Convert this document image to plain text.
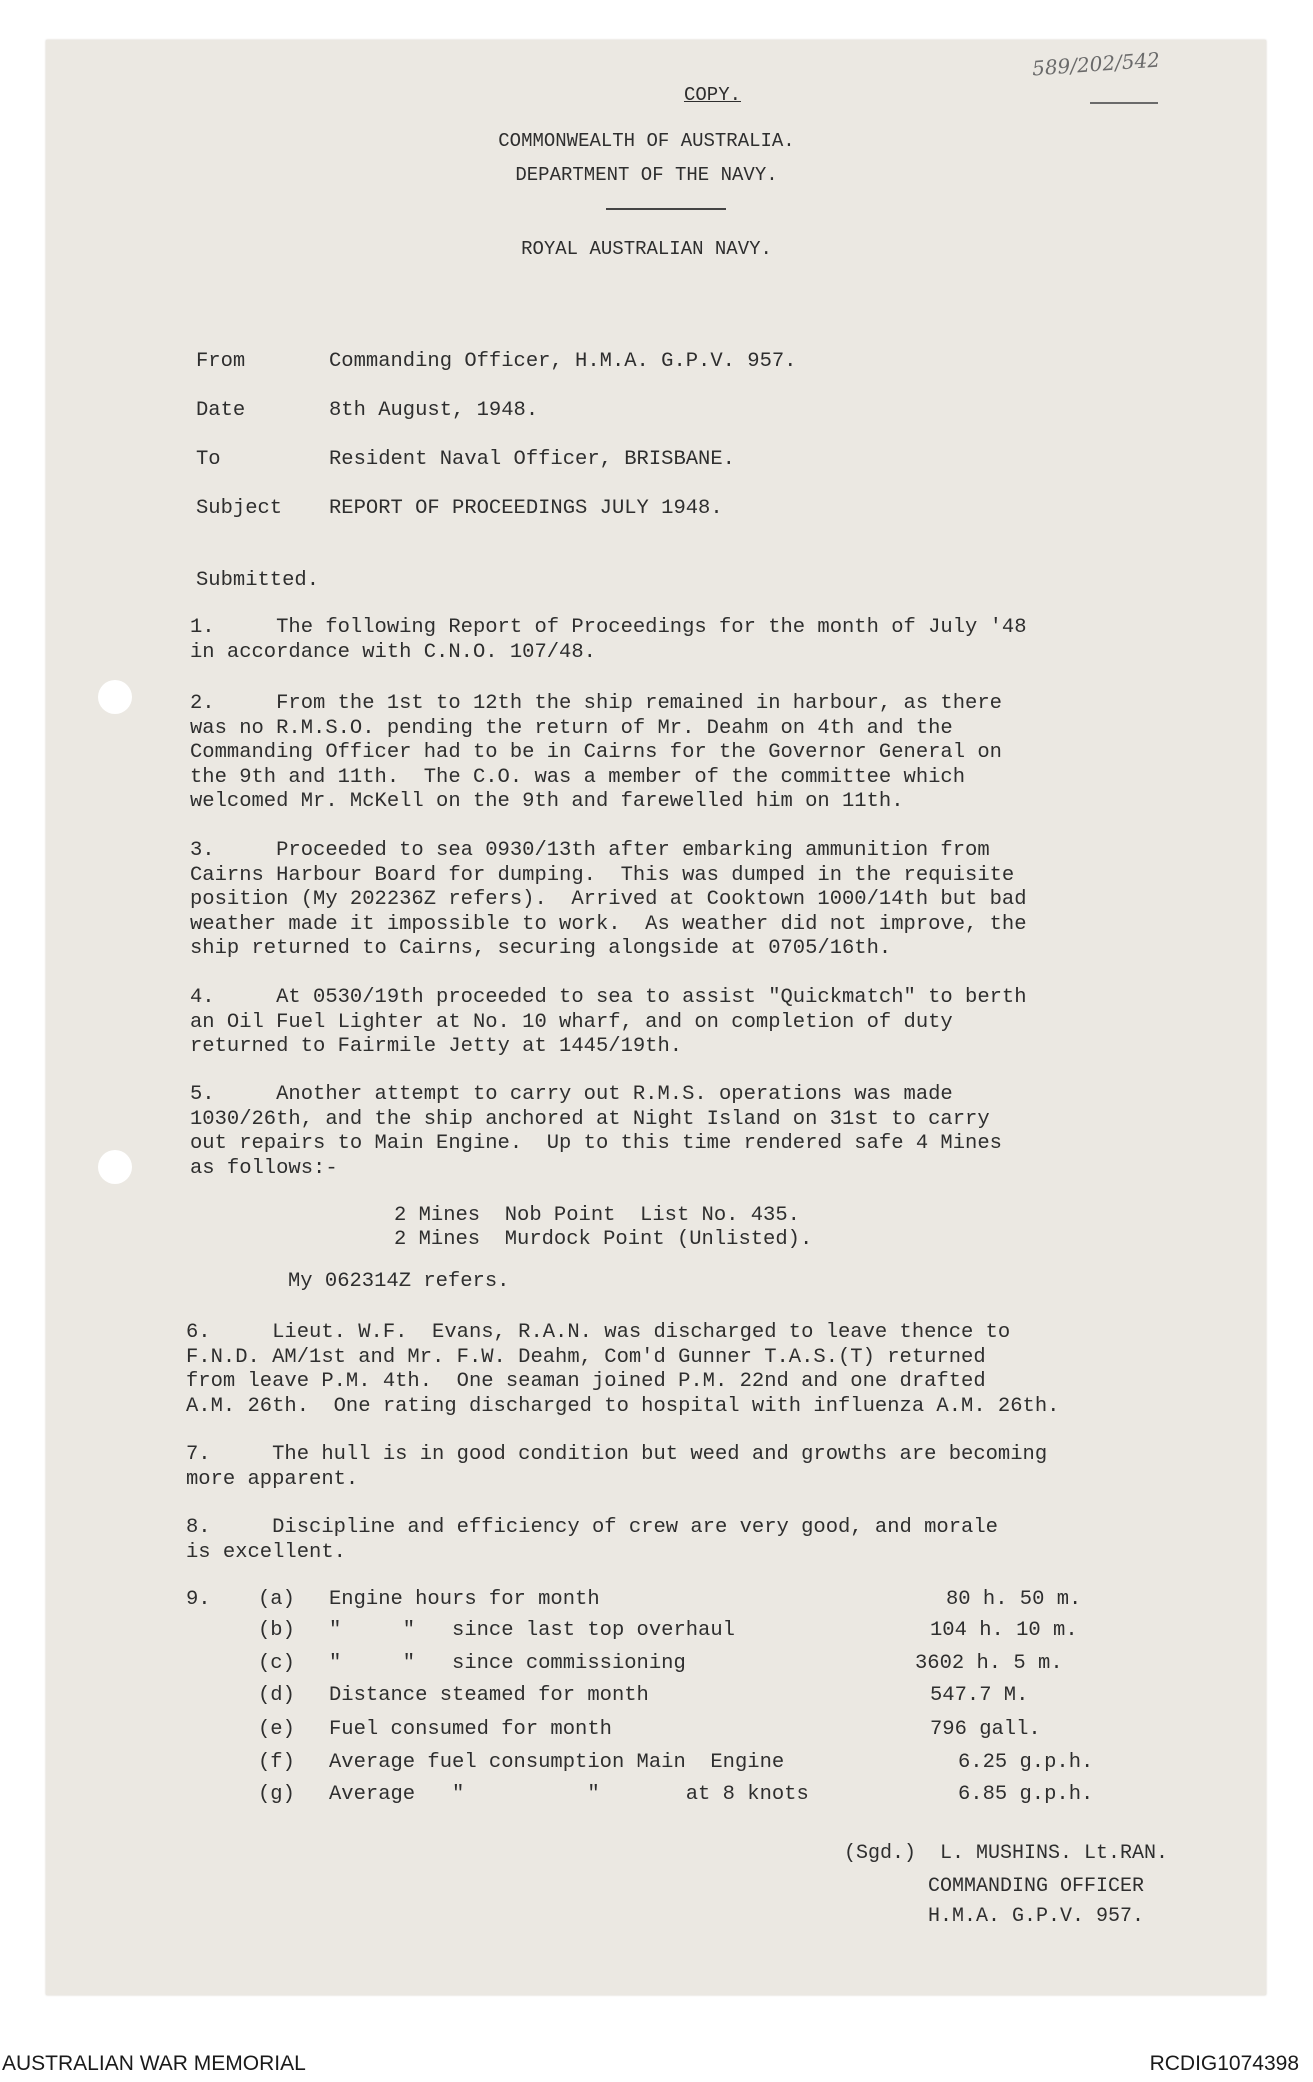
589/202/542
COPY.
COMMONWEALTH OF AUSTRALIA.
DEPARTMENT OF THE NAVY.
ROYAL AUSTRALIAN NAVY.
From	Commanding Officer, H.M.A. G.P.V. 957.
Date	8th August, 1948.
To	Resident Naval Officer, BRISBANE.
Subject REPORT OF PROCEEDINGS JULY 1948.
Submitted.
1.     The following Report of Proceedings for the month of July '48
in accordance with C.N.O. 107/48.
2.     From the 1st to 12th the ship remained in harbour, as there
was no R.M.S.O. pending the return of Mr. Deahm on 4th and the
Commanding Officer had to be in Cairns for the Governor General on
the 9th and 11th.  The C.O. was a member of the committee which
welcomed Mr. McKell on the 9th and farewelled him on 11th.
3.     Proceeded to sea 0930/13th after embarking ammunition from
Cairns Harbour Board for dumping.  This was dumped in the requisite
position (My 202236Z refers).  Arrived at Cooktown 1000/14th but bad
weather made it impossible to work.  As weather did not improve, the
ship returned to Cairns, securing alongside at 0705/16th.
4.     At 0530/19th proceeded to sea to assist "Quickmatch" to berth
an Oil Fuel Lighter at No. 10 wharf, and on completion of duty
returned to Fairmile Jetty at 1445/19th.
5.     Another attempt to carry out R.M.S. operations was made
1030/26th, and the ship anchored at Night Island on 31st to carry
out repairs to Main Engine.  Up to this time rendered safe 4 Mines
as follows:-
2 Mines  Nob Point  List No. 435.
2 Mines  Murdock Point (Unlisted).
My 062314Z refers.
6.     Lieut. W.F.  Evans, R.A.N. was discharged to leave thence to
F.N.D. AM/1st and Mr. F.W. Deahm, Com'd Gunner T.A.S.(T) returned
from leave P.M. 4th.  One seaman joined P.M. 22nd and one drafted
A.M. 26th.  One rating discharged to hospital with influenza A.M. 26th.
7.     The hull is in good condition but weed and growths are becoming
more apparent.
8.     Discipline and efficiency of crew are very good, and morale
is excellent.
9. (a) Engine hours for month	80 h. 50 m.
(b) "     "   since last top overhaul	104 h. 10 m.
(c) "     "   since commissioning	3602 h. 5 m.
(d) Distance steamed for month	547.7 M.
(e) Fuel consumed for month	796 gall.
(f) Average fuel consumption Main  Engine	6.25 g.p.h.
(g) Average   "          "       at 8 knots	6.85 g.p.h.
(Sgd.) L. MUSHINS. Lt.RAN.
COMMANDING OFFICER
H.M.A. G.P.V. 957.
AUSTRALIAN WAR MEMORIAL	RCDIG1074398
